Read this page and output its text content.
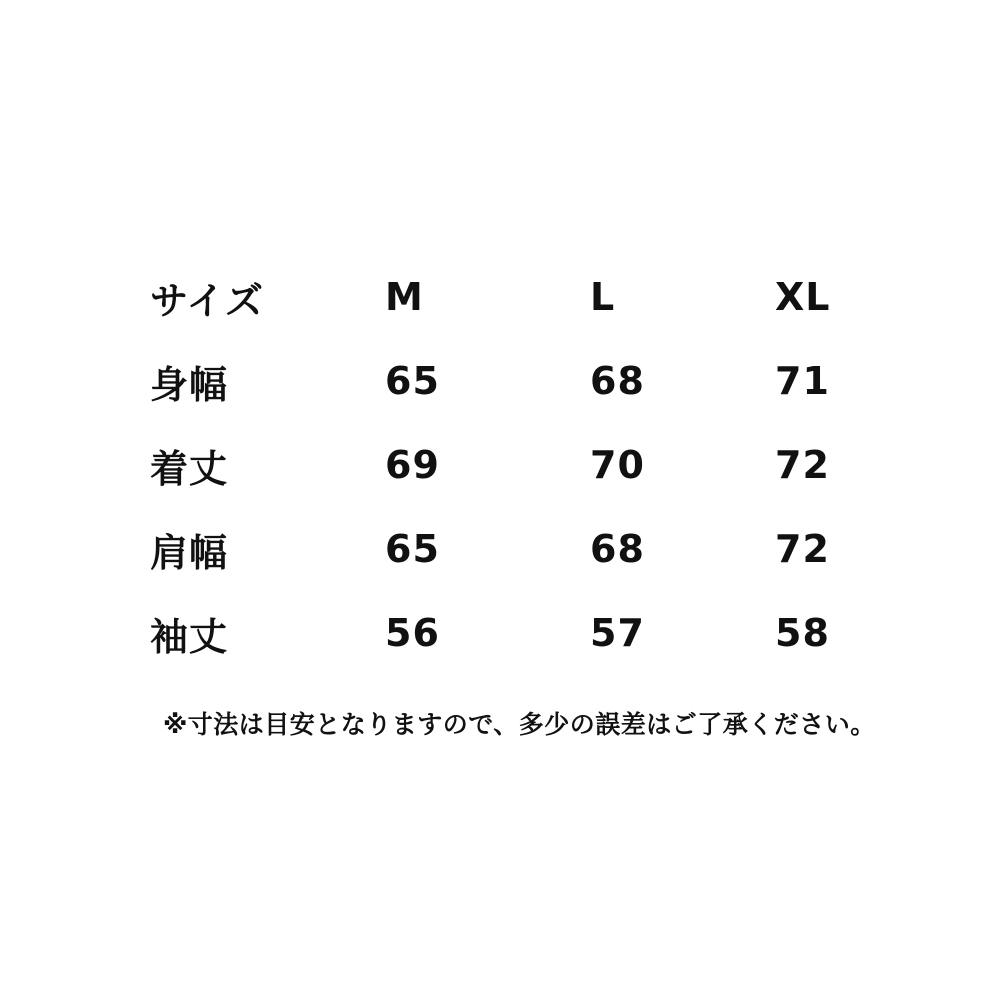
サイズ	M	L	XL
身幅	65	68	71
着丈	69	70	72
肩幅	65	68	72
袖丈	56	57	58
※寸法は目安となりますので、多少の誤差はご了承ください。
